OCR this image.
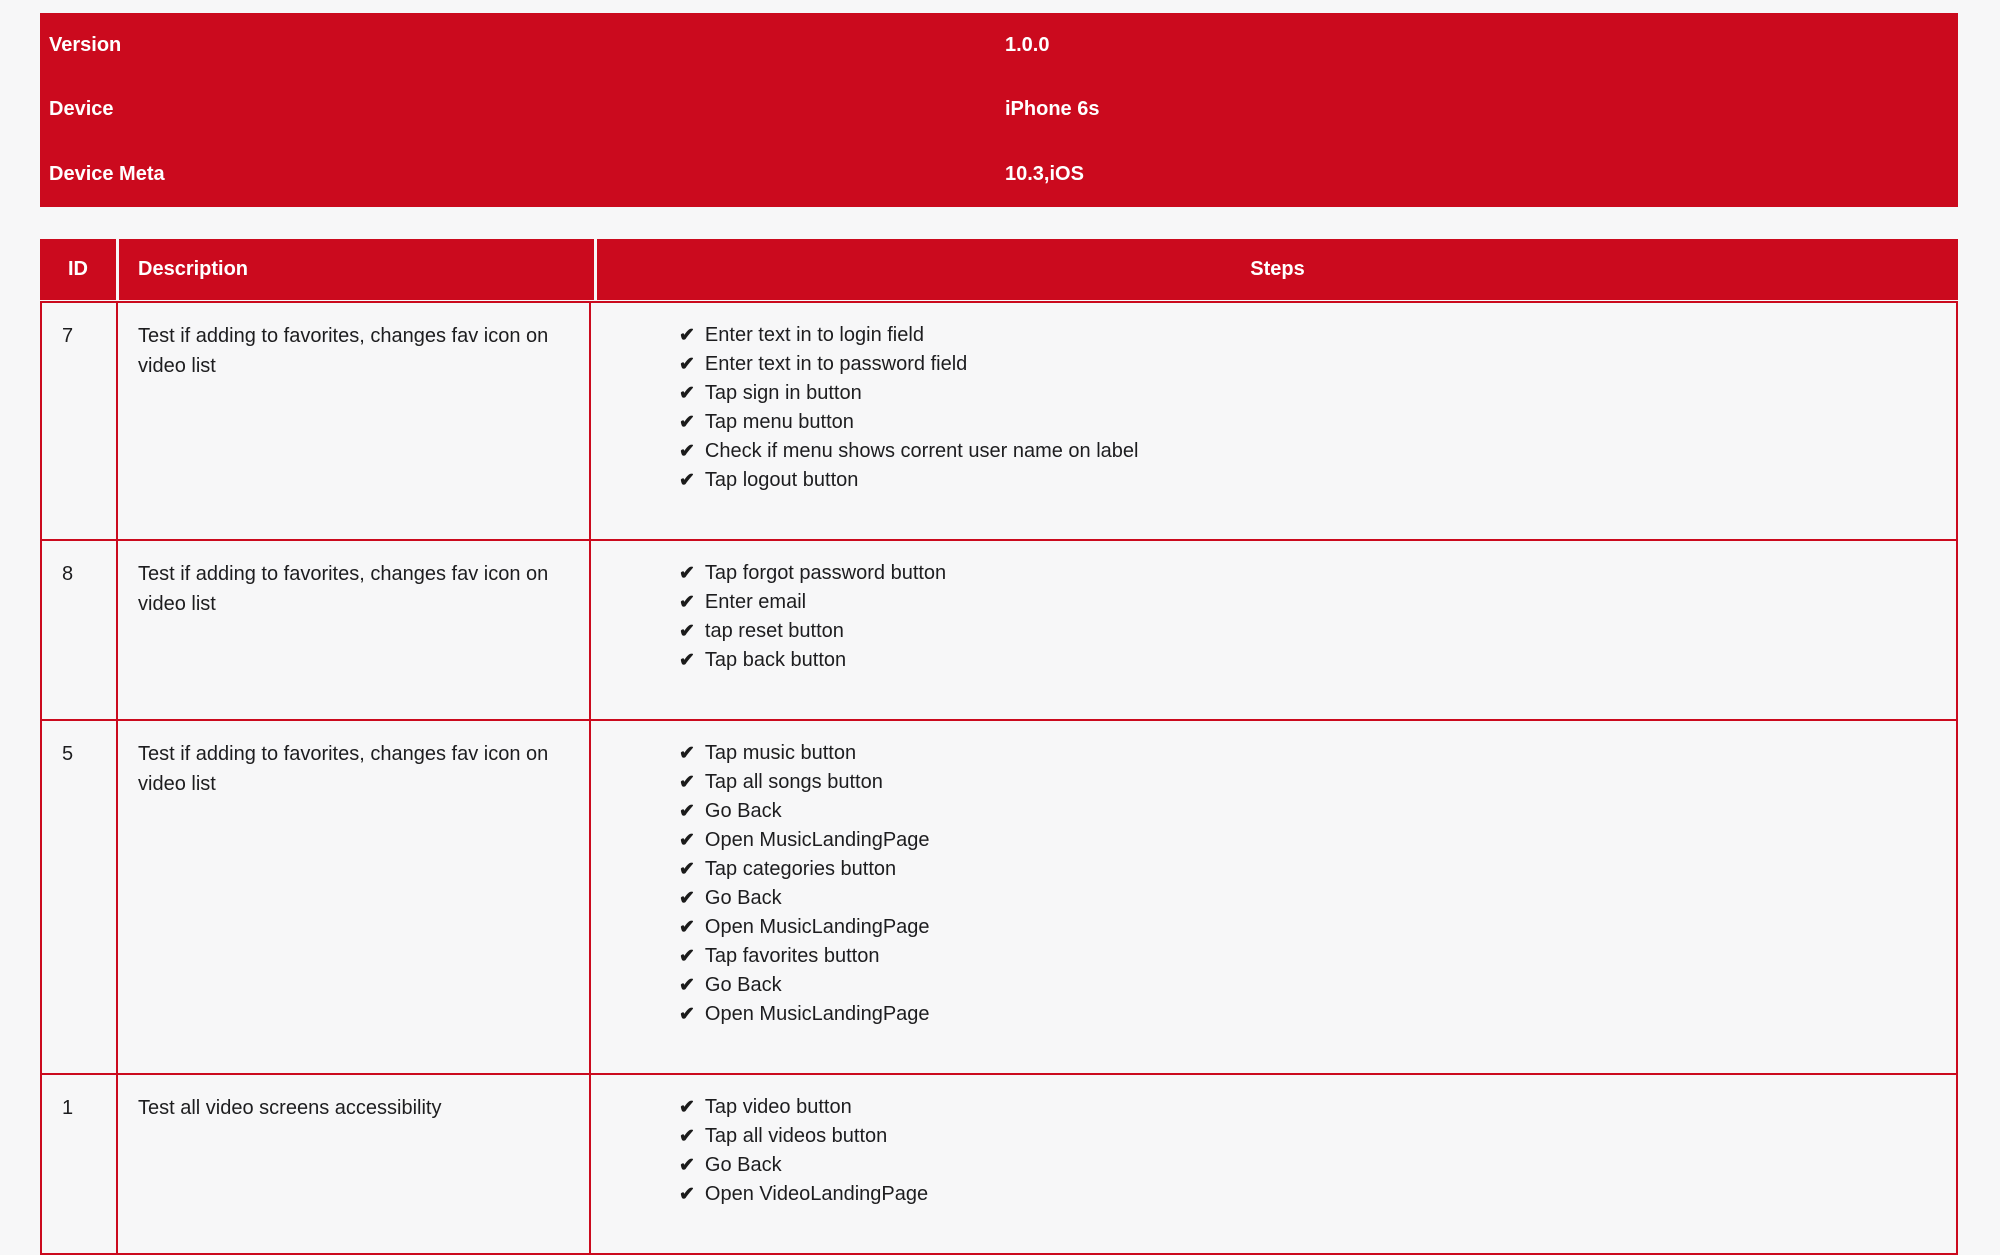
Version	1.0.0
Device	iPhone 6s
Device Meta	10.3,iOS
ID	Description	Steps
7	Test if adding to favorites, changes fav icon on video list
✔ Enter text in to login field
✔ Enter text in to password field
✔ Tap sign in button
✔ Tap menu button
✔ Check if menu shows corrent user name on label
✔ Tap logout button
8	Test if adding to favorites, changes fav icon on video list
✔ Tap forgot password button
✔ Enter email
✔ tap reset button
✔ Tap back button
5	Test if adding to favorites, changes fav icon on video list
✔ Tap music button
✔ Tap all songs button
✔ Go Back
✔ Open MusicLandingPage
✔ Tap categories button
✔ Go Back
✔ Open MusicLandingPage
✔ Tap favorites button
✔ Go Back
✔ Open MusicLandingPage
1	Test all video screens accessibility	✔ Tap video button
✔ Tap all videos button
✔ Go Back
✔ Open VideoLandingPage
